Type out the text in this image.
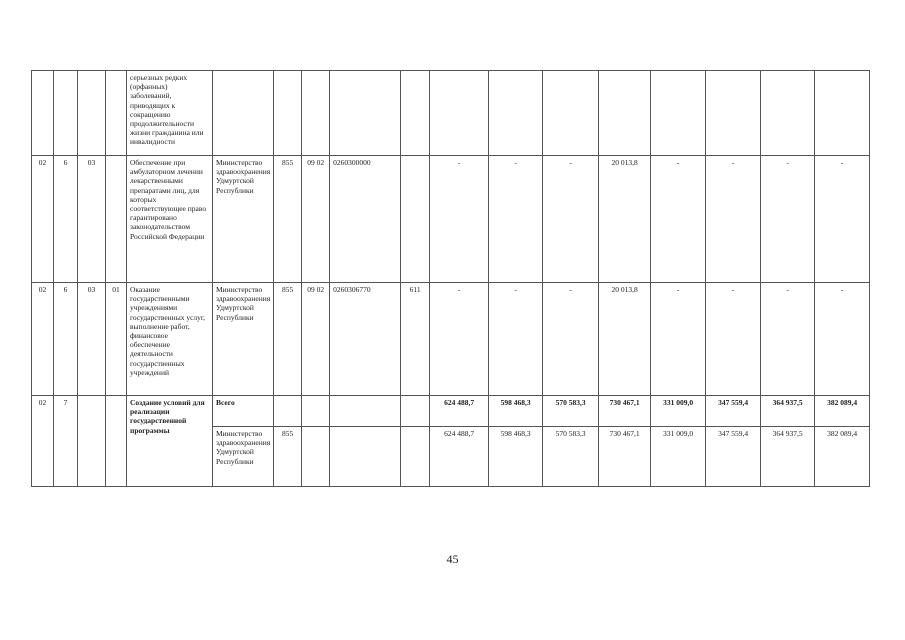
				серьезных редких (орфанных) заболеваний, приводящих к сокращению продолжительности жизни гражданина или инвалидности													
02	6	03		Обеспечение при амбулаторном лечении лекарственными препаратами лиц, для которых соответствующее право гарантировано законодательством Российской Федерации	Министерство здравоохранения Удмуртской Республики	855	09 02	0260300000		-	-	-	20 013,8	-	-	-	-
02	6	03	01	Оказание государственными учреждениями государственных услуг, выполнение работ, финансовое обеспечение деятельности государственных учреждений	Министерство здравоохранения Удмуртской Республики	855	09 02	0260306770	611	-	-	-	20 013,8	-	-	-	-
02	7			Создание условий для реализации государственной программы	Всего					624 488,7	598 468,3	570 583,3	730 467,1	331 009,0	347 559,4	364 937,5	382 089,4
					Министерство здравоохранения Удмуртской Республики	855				624 488,7	598 468,3	570 583,3	730 467,1	331 009,0	347 559,4	364 937,5	382 089,4
45
